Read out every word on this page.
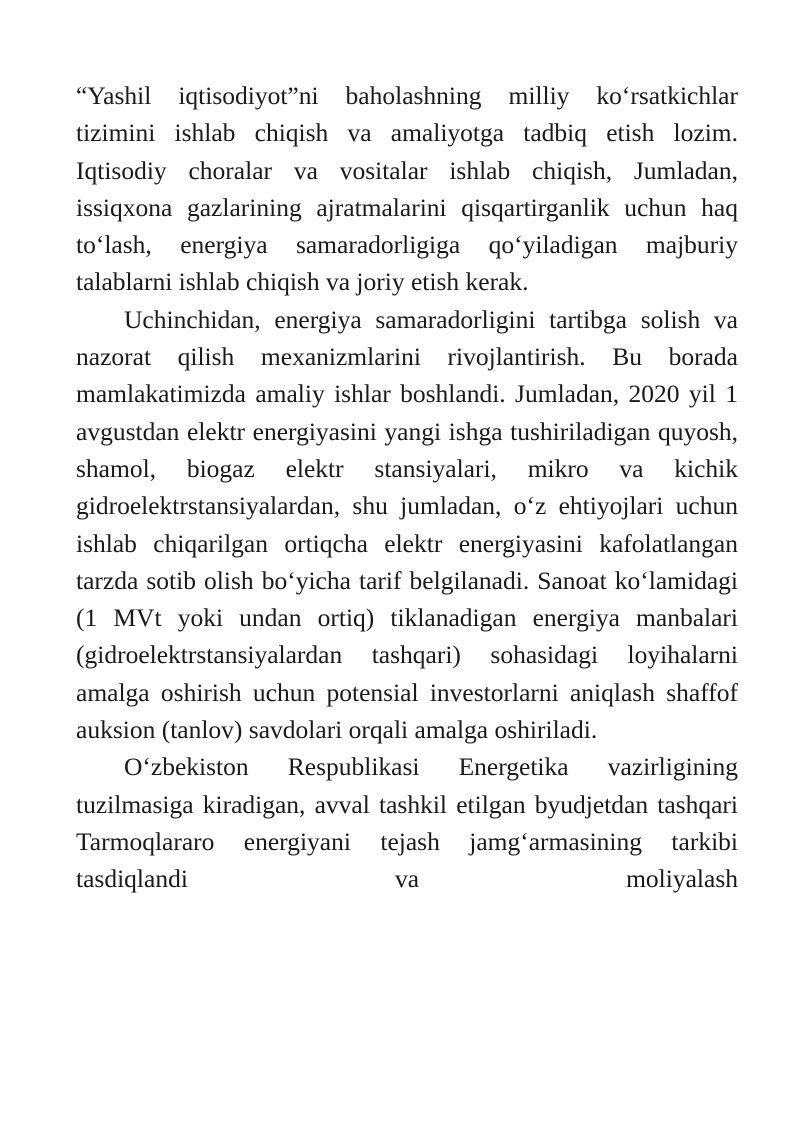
“Yashil iqtisodiyot”ni baholashning milliy ko‘rsatkichlar tizimini ishlab chiqish va amaliyotga tadbiq etish lozim. Iqtisodiy choralar va vositalar ishlab chiqish, Jumladan, issiqxona gazlarining ajratmalarini qisqartirganlik uchun haq to‘lash, energiya samaradorligiga qo‘yiladigan majburiy talablarni ishlab chiqish va joriy etish kerak.

Uchinchidan, energiya samaradorligini tartibga solish va nazorat qilish mexanizmlarini rivojlantirish. Bu borada mamlakatimizda amaliy ishlar boshlandi. Jumladan, 2020 yil 1 avgustdan elektr energiyasini yangi ishga tushiriladigan quyosh, shamol, biogaz elektr stansiyalari, mikro va kichik gidroelektrstansiyalardan, shu jumladan, o‘z ehtiyojlari uchun ishlab chiqarilgan ortiqcha elektr energiyasini kafolatlangan tarzda sotib olish bo‘yicha tarif belgilanadi. Sanoat ko‘lamidagi (1 MVt yoki undan ortiq) tiklanadigan energiya manbalari (gidroelektrstansiyalardan tashqari) sohasidagi loyihalarni amalga oshirish uchun potensial investorlarni aniqlash shaffof auksion (tanlov) savdolari orqali amalga oshiriladi.

O‘zbekiston Respublikasi Energetika vazirligining tuzilmasiga kiradigan, avval tashkil etilgan byudjetdan tashqari Tarmoqlararo energiyani tejash jamg‘armasining tarkibi tasdiqlandi va moliyalash
